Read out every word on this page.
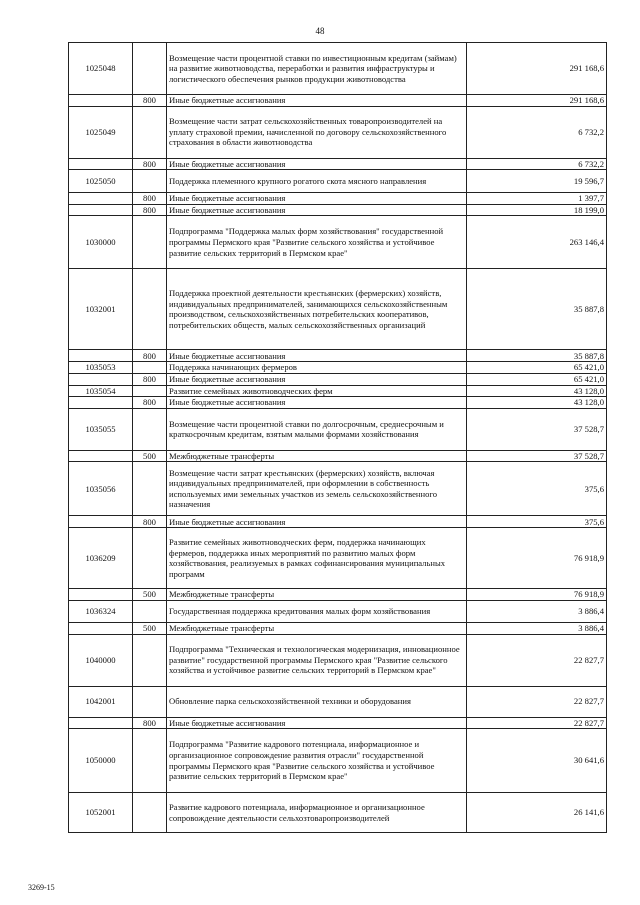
48
1025048		Возмещение части процентной ставки по инвестиционным кредитам (займам) на развитие животноводства, переработки и развития инфраструктуры и логистического обеспечения рынков продукции животноводства	291 168,6
	800	Иные бюджетные ассигнования	291 168,6
1025049		Возмещение части затрат сельскохозяйственных товаропроизводителей на уплату страховой премии, начисленной по договору сельскохозяйственного страхования в области животноводства	6 732,2
	800	Иные бюджетные ассигнования	6 732,2
1025050		Поддержка племенного крупного рогатого скота мясного направления	19 596,7
	800	Иные бюджетные ассигнования	1 397,7
	800	Иные бюджетные ассигнования	18 199,0
1030000		Подпрограмма "Поддержка малых форм хозяйствования" государственной программы Пермского края "Развитие сельского хозяйства и устойчивое развитие сельских территорий в Пермском крае"	263 146,4
1032001		Поддержка проектной деятельности крестьянских (фермерских) хозяйств, индивидуальных предпринимателей, занимающихся сельскохозяйственным производством, сельскохозяйственных потребительских кооперативов, потребительских обществ, малых сельскохозяйственных организаций	35 887,8
	800	Иные бюджетные ассигнования	35 887,8
1035053		Поддержка начинающих фермеров	65 421,0
	800	Иные бюджетные ассигнования	65 421,0
1035054		Развитие семейных животноводческих ферм	43 128,0
	800	Иные бюджетные ассигнования	43 128,0
1035055		Возмещение части процентной ставки по долгосрочным, среднесрочным и краткосрочным кредитам, взятым малыми формами хозяйствования	37 528,7
	500	Межбюджетные трансферты	37 528,7
1035056		Возмещение части затрат крестьянских (фермерских) хозяйств, включая индивидуальных предпринимателей, при оформлении в собственность используемых ими земельных участков из земель сельскохозяйственного назначения	375,6
	800	Иные бюджетные ассигнования	375,6
1036209		Развитие семейных животноводческих ферм, поддержка начинающих фермеров, поддержка иных мероприятий по развитию малых форм хозяйствования, реализуемых в рамках софинансирования муниципальных программ	76 918,9
	500	Межбюджетные трансферты	76 918,9
1036324		Государственная поддержка кредитования малых форм хозяйствования	3 886,4
	500	Межбюджетные трансферты	3 886,4
1040000		Подпрограмма "Техническая и технологическая модернизация, инновационное развитие" государственной программы Пермского края "Развитие сельского хозяйства и устойчивое развитие сельских территорий в Пермском крае"	22 827,7
1042001		Обновление парка сельскохозяйственной техники и оборудования	22 827,7
	800	Иные бюджетные ассигнования	22 827,7
1050000		Подпрограмма "Развитие кадрового потенциала, информационное и организационное сопровождение развития отрасли" государственной программы Пермского края "Развитие сельского хозяйства и устойчивое развитие сельских территорий в Пермском крае"	30 641,6
1052001		Развитие кадрового потенциала, информационное и организационное сопровождение деятельности сельхозтоваропроизводителей	26 141,6
3269-15
